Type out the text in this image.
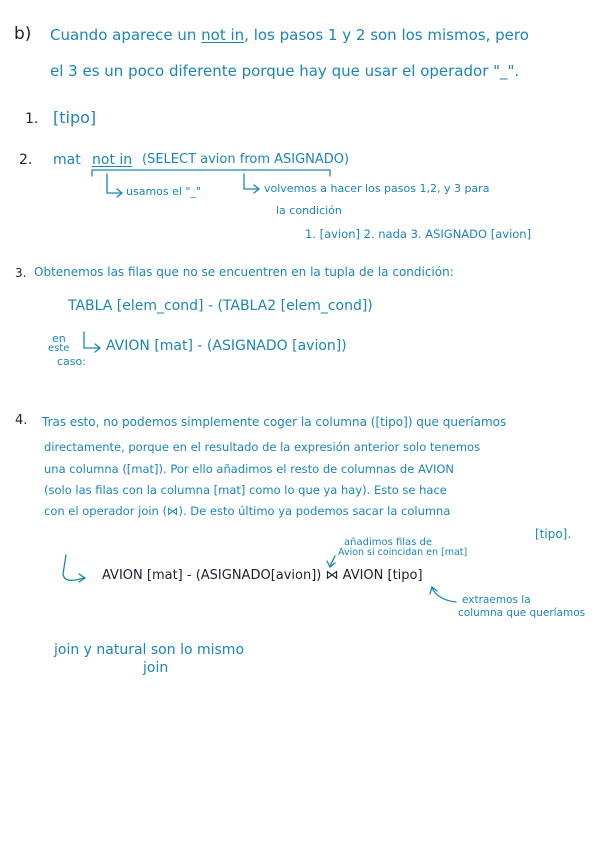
b) Cuando aparece un not in, los pasos 1 y 2 son los mismos, pero
el 3 es un poco diferente porque hay que usar el operador "_".
1. [tipo]
2. mat not in (SELECT avion from ASIGNADO)
usamos el "_"	volvemos a hacer los pasos 1,2, y 3 para
la condición
1. [avion] 2. nada 3. ASIGNADO [avion]
3. Obtenemos las filas que no se encuentren en la tupla de la condición:
TABLA [elem_cond] - (TABLA2 [elem_cond])
en
este
caso:
AVION [mat] - (ASIGNADO [avion])
4. Tras esto, no podemos simplemente coger la columna ([tipo]) que queríamos
directamente, porque en el resultado de la expresión anterior solo tenemos
una columna ([mat]). Por ello añadimos el resto de columnas de AVION
(solo las filas con la columna [mat] como lo que ya hay). Esto se hace
con el operador join (⋈). De esto último ya podemos sacar la columna
[tipo].
añadimos filas de
Avion si coincidan en [mat]
AVION [mat] - (ASIGNADO[avion]) ⋈ AVION [tipo]
extraemos la
columna que queríamos
join y natural son lo mismo
join
